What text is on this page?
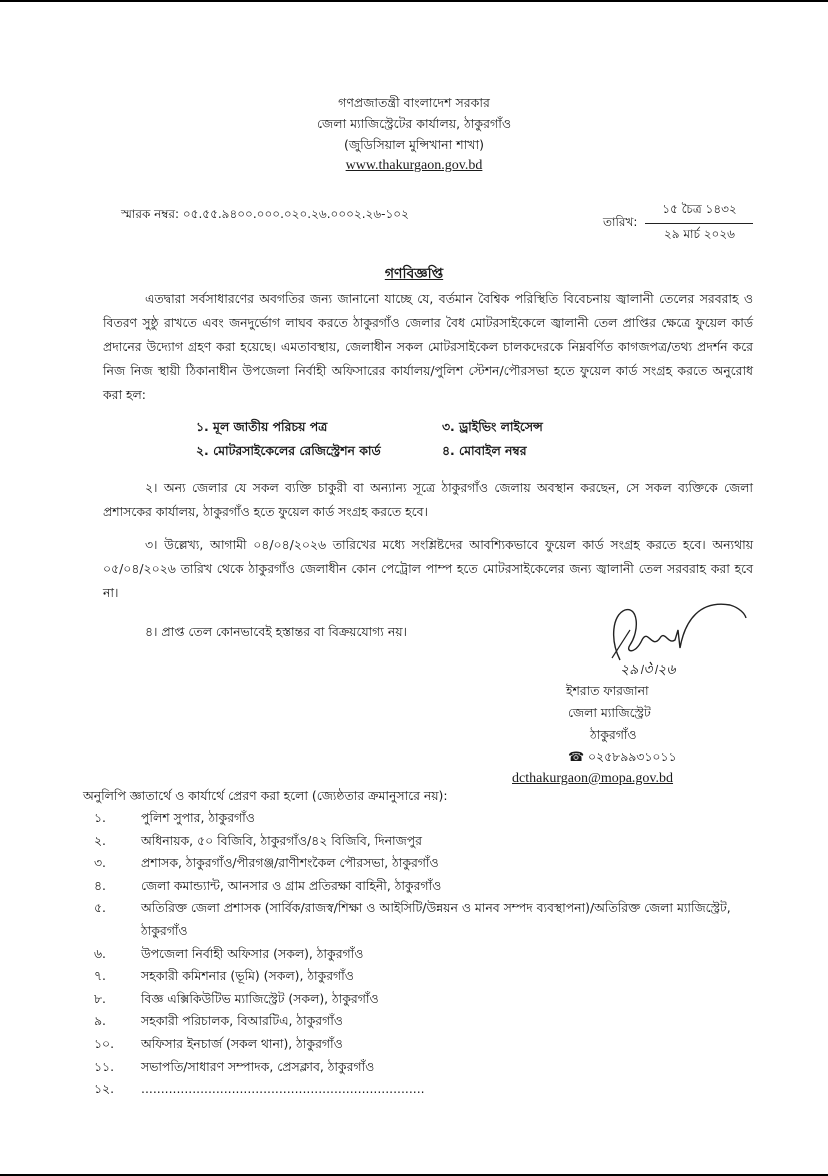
গণপ্রজাতন্ত্রী বাংলাদেশ সরকার
জেলা ম্যাজিস্ট্রেটের কার্যালয়, ঠাকুরগাঁও
(জুডিসিয়াল মুন্সিখানা শাখা)
www.thakurgaon.gov.bd
স্মারক নম্বর: ০৫.৫৫.৯৪০০.০০০.০২০.২৬.০০০২.২৬-১০২
তারিখ: $\frac{\text{১৫ চৈত্র ১৪৩২}}{\text{২৯ মার্চ ২০২৬}}$
গণবিজ্ঞপ্তি
এতদ্বারা সর্বসাধারণের অবগতির জন্য জানানো যাচ্ছে যে, বর্তমান বৈশ্বিক পরিস্থিতি বিবেচনায় জ্বালানী তেলের সরবরাহ ও বিতরণ সুষ্ঠু রাখতে এবং জনদুর্ভোগ লাঘব করতে ঠাকুরগাঁও জেলার বৈধ মোটরসাইকেলে জ্বালানী তেল প্রাপ্তির ক্ষেত্রে ফুয়েল কার্ড প্রদানের উদ্যোগ গ্রহণ করা হয়েছে। এমতাবস্থায়, জেলাধীন সকল মোটরসাইকেল চালকদেরকে নিম্নবর্ণিত কাগজপত্র/তথ্য প্রদর্শন করে নিজ নিজ স্থায়ী ঠিকানাধীন উপজেলা নির্বাহী অফিসারের কার্যালয়/পুলিশ স্টেশন/পৌরসভা হতে ফুয়েল কার্ড সংগ্রহ করতে অনুরোধ করা হল:
১. মূল জাতীয় পরিচয় পত্র	৩. ড্রাইভিং লাইসেন্স
২. মোটরসাইকেলের রেজিস্ট্রেশন কার্ড	৪. মোবাইল নম্বর
২। অন্য জেলার যে সকল ব্যক্তি চাকুরী বা অন্যান্য সূত্রে ঠাকুরগাঁও জেলায় অবস্থান করছেন, সে সকল ব্যক্তিকে জেলা প্রশাসকের কার্যালয়, ঠাকুরগাঁও হতে ফুয়েল কার্ড সংগ্রহ করতে হবে।
৩। উল্লেখ্য, আগামী ০৪/০৪/২০২৬ তারিখের মধ্যে সংশ্লিষ্টদের আবশ্যিকভাবে ফুয়েল কার্ড সংগ্রহ করতে হবে। অন্যথায় ০৫/০৪/২০২৬ তারিখ থেকে ঠাকুরগাঁও জেলাধীন কোন পেট্রোল পাম্প হতে মোটরসাইকেলের জন্য জ্বালানী তেল সরবরাহ করা হবে না।
৪। প্রাপ্ত তেল কোনভাবেই হস্তান্তর বা বিক্রয়যোগ্য নয়।
২৯।৩।২৬
ইশরাত ফারজানা
জেলা ম্যাজিস্ট্রেট
ঠাকুরগাঁও
☎ ০২৫৮৯৯৩১০১১
dcthakurgaon@mopa.gov.bd
অনুলিপি জ্ঞাতার্থে ও কার্যার্থে প্রেরণ করা হলো (জ্যেষ্ঠতার ক্রমানুসারে নয়):
১.	পুলিশ সুপার, ঠাকুরগাঁও
২.	অধিনায়ক, ৫০ বিজিবি, ঠাকুরগাঁও/৪২ বিজিবি, দিনাজপুর
৩.	প্রশাসক, ঠাকুরগাঁও/পীরগঞ্জ/রাণীশংকৈল পৌরসভা, ঠাকুরগাঁও
৪.	জেলা কমান্ড্যান্ট, আনসার ও গ্রাম প্রতিরক্ষা বাহিনী, ঠাকুরগাঁও
৫.	অতিরিক্ত জেলা প্রশাসক (সার্বিক/রাজস্ব/শিক্ষা ও আইসিটি/উন্নয়ন ও মানব সম্পদ ব্যবস্থাপনা)/অতিরিক্ত জেলা ম্যাজিস্ট্রেট, ঠাকুরগাঁও
৬.	উপজেলা নির্বাহী অফিসার (সকল), ঠাকুরগাঁও
৭.	সহকারী কমিশনার (ভূমি) (সকল), ঠাকুরগাঁও
৮.	বিজ্ঞ এক্সিকিউটিভ ম্যাজিস্ট্রেট (সকল), ঠাকুরগাঁও
৯.	সহকারী পরিচালক, বিআরটিএ, ঠাকুরগাঁও
১০.	অফিসার ইনচার্জ (সকল থানা), ঠাকুরগাঁও
১১.	সভাপতি/সাধারণ সম্পাদক, প্রেসক্লাব, ঠাকুরগাঁও
১২.	........................................................................
